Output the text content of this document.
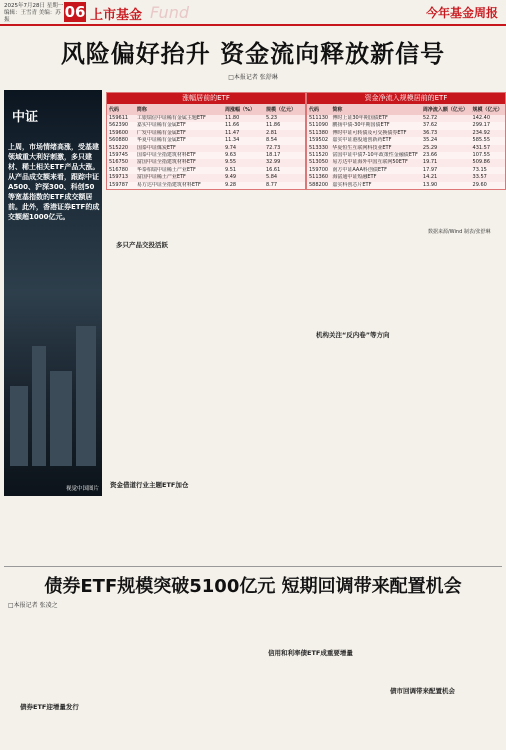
2025年7月28日 星期一 编辑：王雪青 美编：苏振	06 上市基金 Fund	今年基金周报
风险偏好抬升 资金流向释放新信号
□本报记者 张舒琳
中证
上周，市场情绪高涨，受基建领域重大利好刺激，多只建材、稀土相关ETF产品大涨。从产品成交额来看，跟踪中证A500、沪深300、科创50等宽基指数的ETF成交额居前。此外，香港证券ETF的成交额超1000亿元。
视觉中国图片
涨幅居前的ETF
代码	简称	周涨幅（%）	规模（亿元）
159611	工银瑞信中证稀有金属主题ETF	11.80	5.23
562390	嘉实中证稀有金属ETF	11.66	11.86
159600	广发中证稀有金属ETF	11.47	2.81
560880	华夏中证稀有金属ETF	11.34	8.54
515220	国泰中证煤炭ETF	9.74	72.73
159745	国泰中证全指建筑材料ETF	9.63	18.17
516750	富国中证全指建筑材料ETF	9.55	32.99
516780	华泰柏瑞中证稀土产业ETF	9.51	16.61
159713	富国中证稀土产业ETF	9.49	5.84
159787	易方达中证全指建筑材料ETF	9.28	8.77
资金净流入规模居前的ETF
代码	简称	周净流入额（亿元）	规模（亿元）
511130	博时上证30年期国债ETF	52.72	142.40
511090	鹏扬中债-30年期国债ETF	37.62	299.17
511380	博时中证可转债及可交换债券ETF	36.73	234.92
159502	嘉实中证港股通创新药ETF	35.24	585.55
513330	华夏恒生互联网科技业ETF	25.29	431.57
511520	富国中证中债7-10年政策性金融债ETF	23.66	107.55
513050	易方达中证海外中国互联网50ETF	19.71	509.86
159700	南方中证AAA科创债ETF	17.97	73.15
511360	海富通中证短融ETF	14.21	33.57
588200	嘉实科创芯片ETF	13.90	29.60
数据来源/Wind 制表/张舒琳
多只产品交投活跃
资金借道行业主题ETF加仓
机构关注“反内卷”等方向
债券ETF规模突破5100亿元 短期回调带来配置机会
□本报记者 张凌之
债券ETF迎增量发行
信用和利率债ETF成重要增量
债市回调带来配置机会
